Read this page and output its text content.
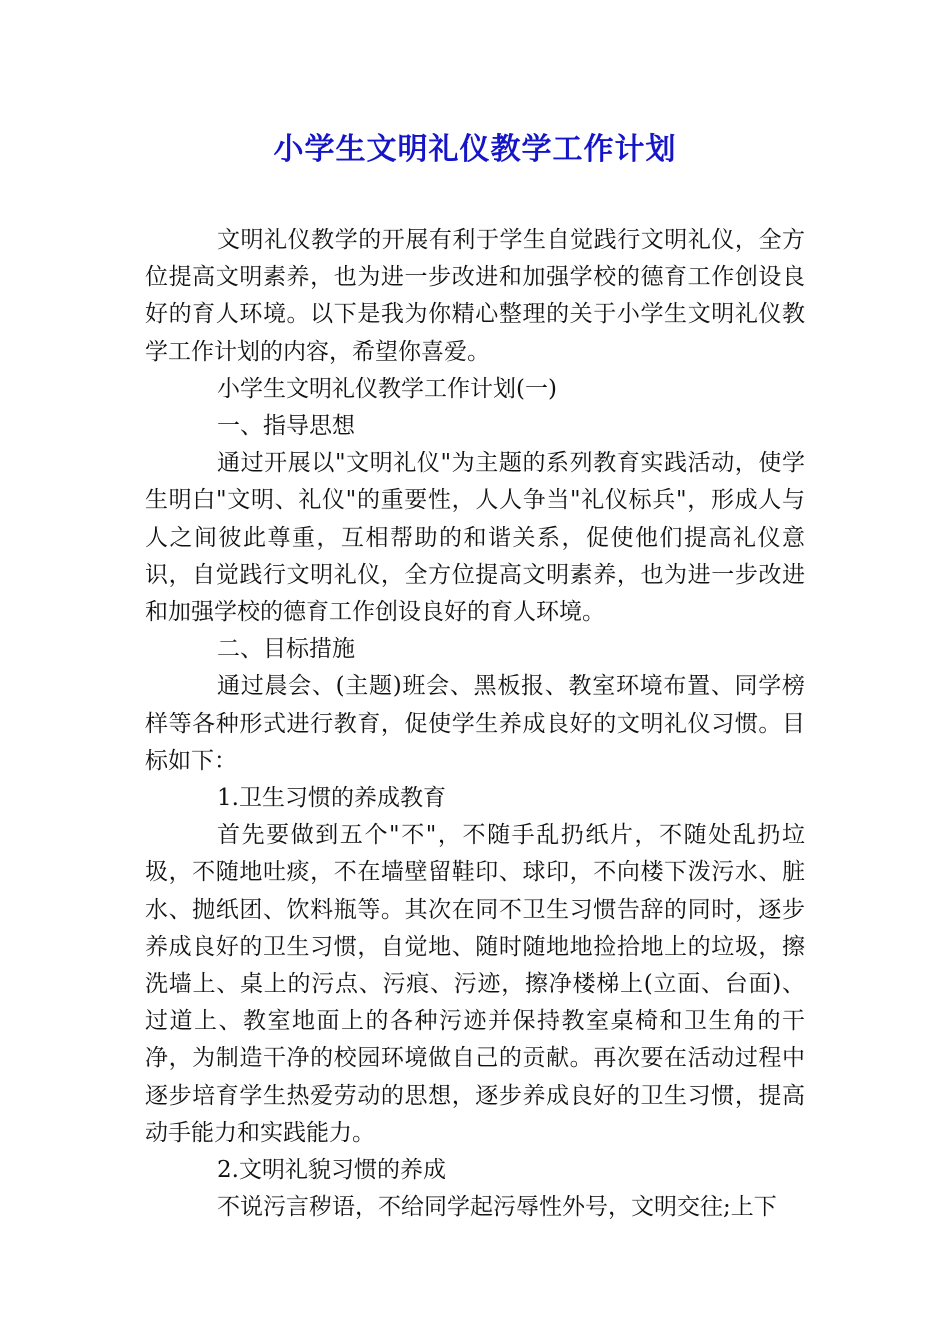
小学生文明礼仪教学工作计划

文明礼仪教学的开展有利于学生自觉践行文明礼仪，全方位提高文明素养，也为进一步改进和加强学校的德育工作创设良好的育人环境。以下是我为你精心整理的关于小学生文明礼仪教学工作计划的内容，希望你喜爱。

小学生文明礼仪教学工作计划(一)

一、指导思想

通过开展以"文明礼仪"为主题的系列教育实践活动，使学生明白"文明、礼仪"的重要性，人人争当"礼仪标兵"，形成人与人之间彼此尊重，互相帮助的和谐关系，促使他们提高礼仪意识，自觉践行文明礼仪，全方位提高文明素养，也为进一步改进和加强学校的德育工作创设良好的育人环境。

二、目标措施

通过晨会、(主题)班会、黑板报、教室环境布置、同学榜样等各种形式进行教育，促使学生养成良好的文明礼仪习惯。目标如下：

1.卫生习惯的养成教育

首先要做到五个"不"，不随手乱扔纸片，不随处乱扔垃圾，不随地吐痰，不在墙壁留鞋印、球印，不向楼下泼污水、脏水、抛纸团、饮料瓶等。其次在同不卫生习惯告辞的同时，逐步养成良好的卫生习惯，自觉地、随时随地地捡拾地上的垃圾，擦洗墙上、桌上的污点、污痕、污迹，擦净楼梯上(立面、台面)、过道上、教室地面上的各种污迹并保持教室桌椅和卫生角的干净，为制造干净的校园环境做自己的贡献。再次要在活动过程中逐步培育学生热爱劳动的思想，逐步养成良好的卫生习惯，提高动手能力和实践能力。

2.文明礼貌习惯的养成

不说污言秽语，不给同学起污辱性外号，文明交往;上下
